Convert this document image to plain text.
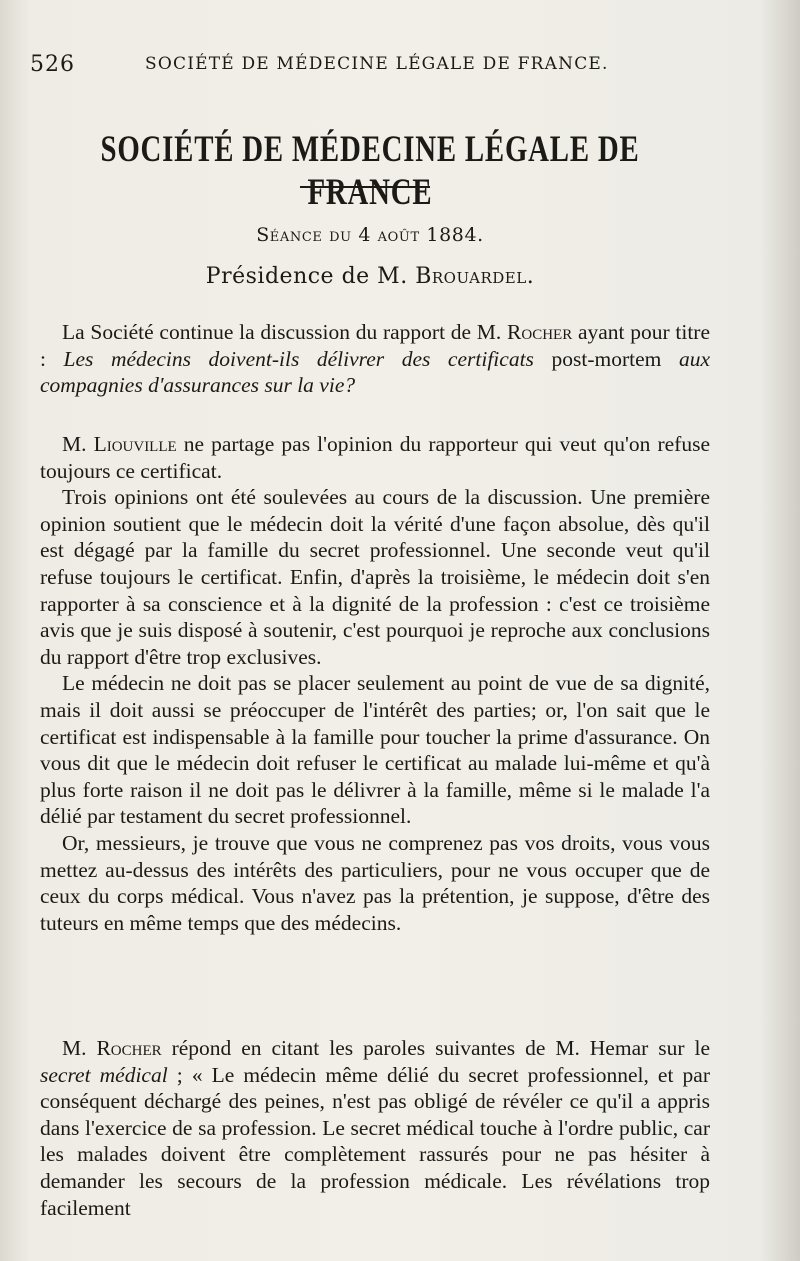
526	SOCIÉTÉ DE MÉDECINE LÉGALE DE FRANCE.
SOCIÉTÉ DE MÉDECINE LÉGALE DE FRANCE
Séance du 4 août 1884.
Présidence de M. Brouardel.

La Société continue la discussion du rapport de M. Rocher ayant pour titre : Les médecins doivent-ils délivrer des certificats post-mortem aux compagnies d'assurances sur la vie?

M. Liouville ne partage pas l'opinion du rapporteur qui veut qu'on refuse toujours ce certificat.

Trois opinions ont été soulevées au cours de la discussion. Une première opinion soutient que le médecin doit la vérité d'une façon absolue, dès qu'il est dégagé par la famille du secret professionnel. Une seconde veut qu'il refuse toujours le certificat. Enfin, d'après la troisième, le médecin doit s'en rapporter à sa conscience et à la dignité de la profession : c'est ce troisième avis que je suis disposé à soutenir, c'est pourquoi je reproche aux conclusions du rapport d'être trop exclusives.

Le médecin ne doit pas se placer seulement au point de vue de sa dignité, mais il doit aussi se préoccuper de l'intérêt des parties; or, l'on sait que le certificat est indispensable à la famille pour toucher la prime d'assurance. On vous dit que le médecin doit refuser le certificat au malade lui-même et qu'à plus forte raison il ne doit pas le délivrer à la famille, même si le malade l'a délié par testament du secret professionnel.

Or, messieurs, je trouve que vous ne comprenez pas vos droits, vous vous mettez au-dessus des intérêts des particuliers, pour ne vous occuper que de ceux du corps médical. Vous n'avez pas la prétention, je suppose, d'être des tuteurs en même temps que des médecins.

M. Rocher répond en citant les paroles suivantes de M. Hemar sur le secret médical ; « Le médecin même délié du secret professionnel, et par conséquent déchargé des peines, n'est pas obligé de révéler ce qu'il a appris dans l'exercice de sa profession. Le secret médical touche à l'ordre public, car les malades doivent être complètement rassurés pour ne pas hésiter à demander les secours de la profession médicale. Les révélations trop facilement
